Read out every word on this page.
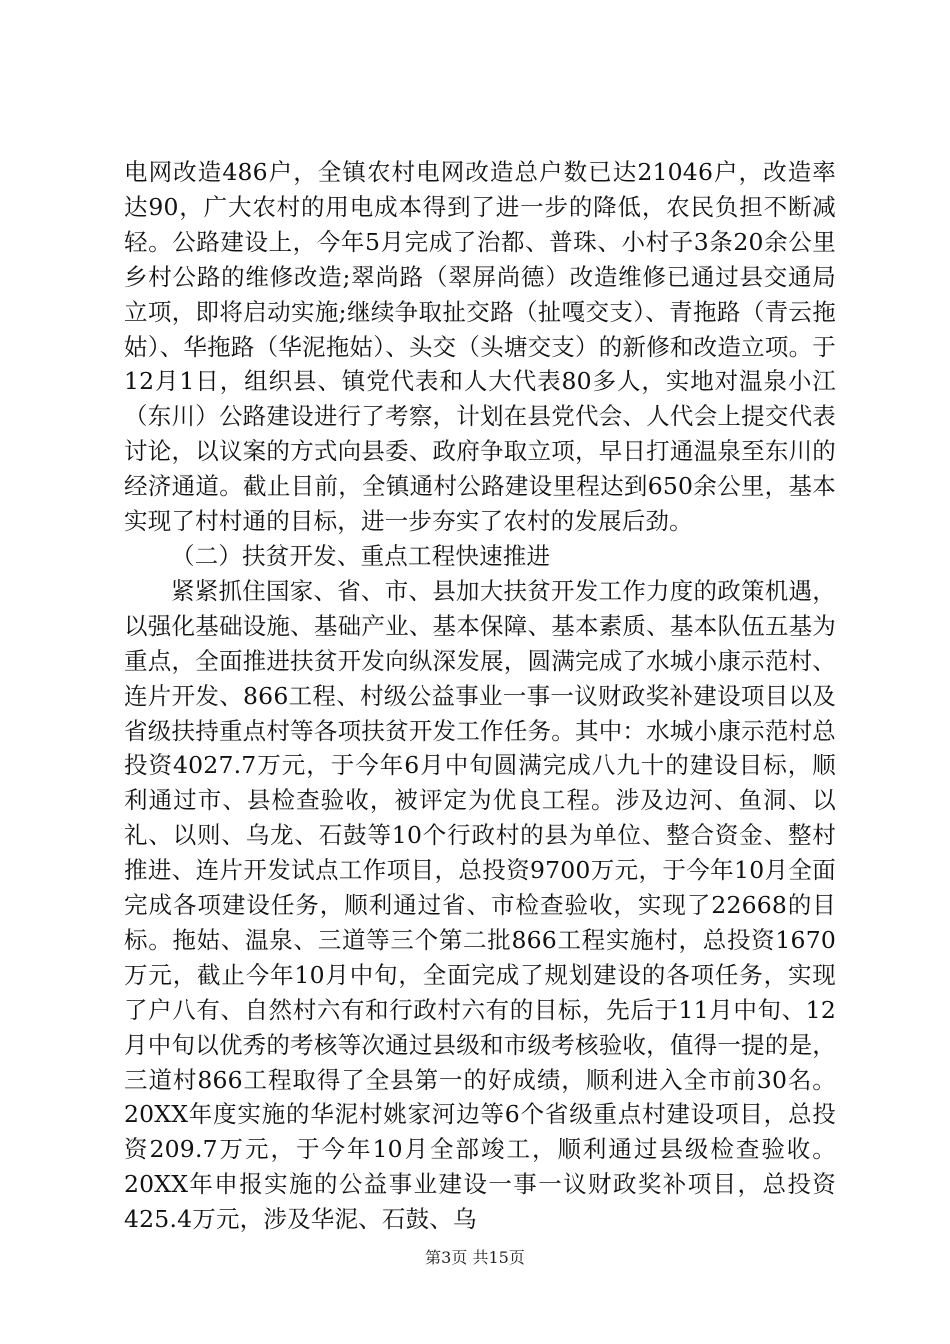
电网改造486户，全镇农村电网改造总户数已达21046户，改造率达90，广大农村的用电成本得到了进一步的降低，农民负担不断减轻。公路建设上，今年5月完成了治都、普珠、小村子3条20余公里乡村公路的维修改造;翠尚路（翠屏尚德）改造维修已通过县交通局立项，即将启动实施;继续争取扯交路（扯嘎交支）、青拖路（青云拖姑）、华拖路（华泥拖姑）、头交（头塘交支）的新修和改造立项。于12月1日，组织县、镇党代表和人大代表80多人，实地对温泉小江（东川）公路建设进行了考察，计划在县党代会、人代会上提交代表讨论，以议案的方式向县委、政府争取立项，早日打通温泉至东川的经济通道。截止目前，全镇通村公路建设里程达到650余公里，基本实现了村村通的目标，进一步夯实了农村的发展后劲。

（二）扶贫开发、重点工程快速推进

紧紧抓住国家、省、市、县加大扶贫开发工作力度的政策机遇，以强化基础设施、基础产业、基本保障、基本素质、基本队伍五基为重点，全面推进扶贫开发向纵深发展，圆满完成了水城小康示范村、连片开发、866工程、村级公益事业一事一议财政奖补建设项目以及省级扶持重点村等各项扶贫开发工作任务。其中：水城小康示范村总投资4027.7万元，于今年6月中旬圆满完成八九十的建设目标，顺利通过市、县检查验收，被评定为优良工程。涉及边河、鱼洞、以礼、以则、乌龙、石鼓等10个行政村的县为单位、整合资金、整村推进、连片开发试点工作项目，总投资9700万元，于今年10月全面完成各项建设任务，顺利通过省、市检查验收，实现了22668的目标。拖姑、温泉、三道等三个第二批866工程实施村，总投资1670万元，截止今年10月中旬，全面完成了规划建设的各项任务，实现了户八有、自然村六有和行政村六有的目标，先后于11月中旬、12月中旬以优秀的考核等次通过县级和市级考核验收，值得一提的是，三道村866工程取得了全县第一的好成绩，顺利进入全市前30名。20XX年度实施的华泥村姚家河边等6个省级重点村建设项目，总投资209.7万元，于今年10月全部竣工，顺利通过县级检查验收。20XX年申报实施的公益事业建设一事一议财政奖补项目，总投资425.4万元，涉及华泥、石鼓、乌

第3页 共15页
